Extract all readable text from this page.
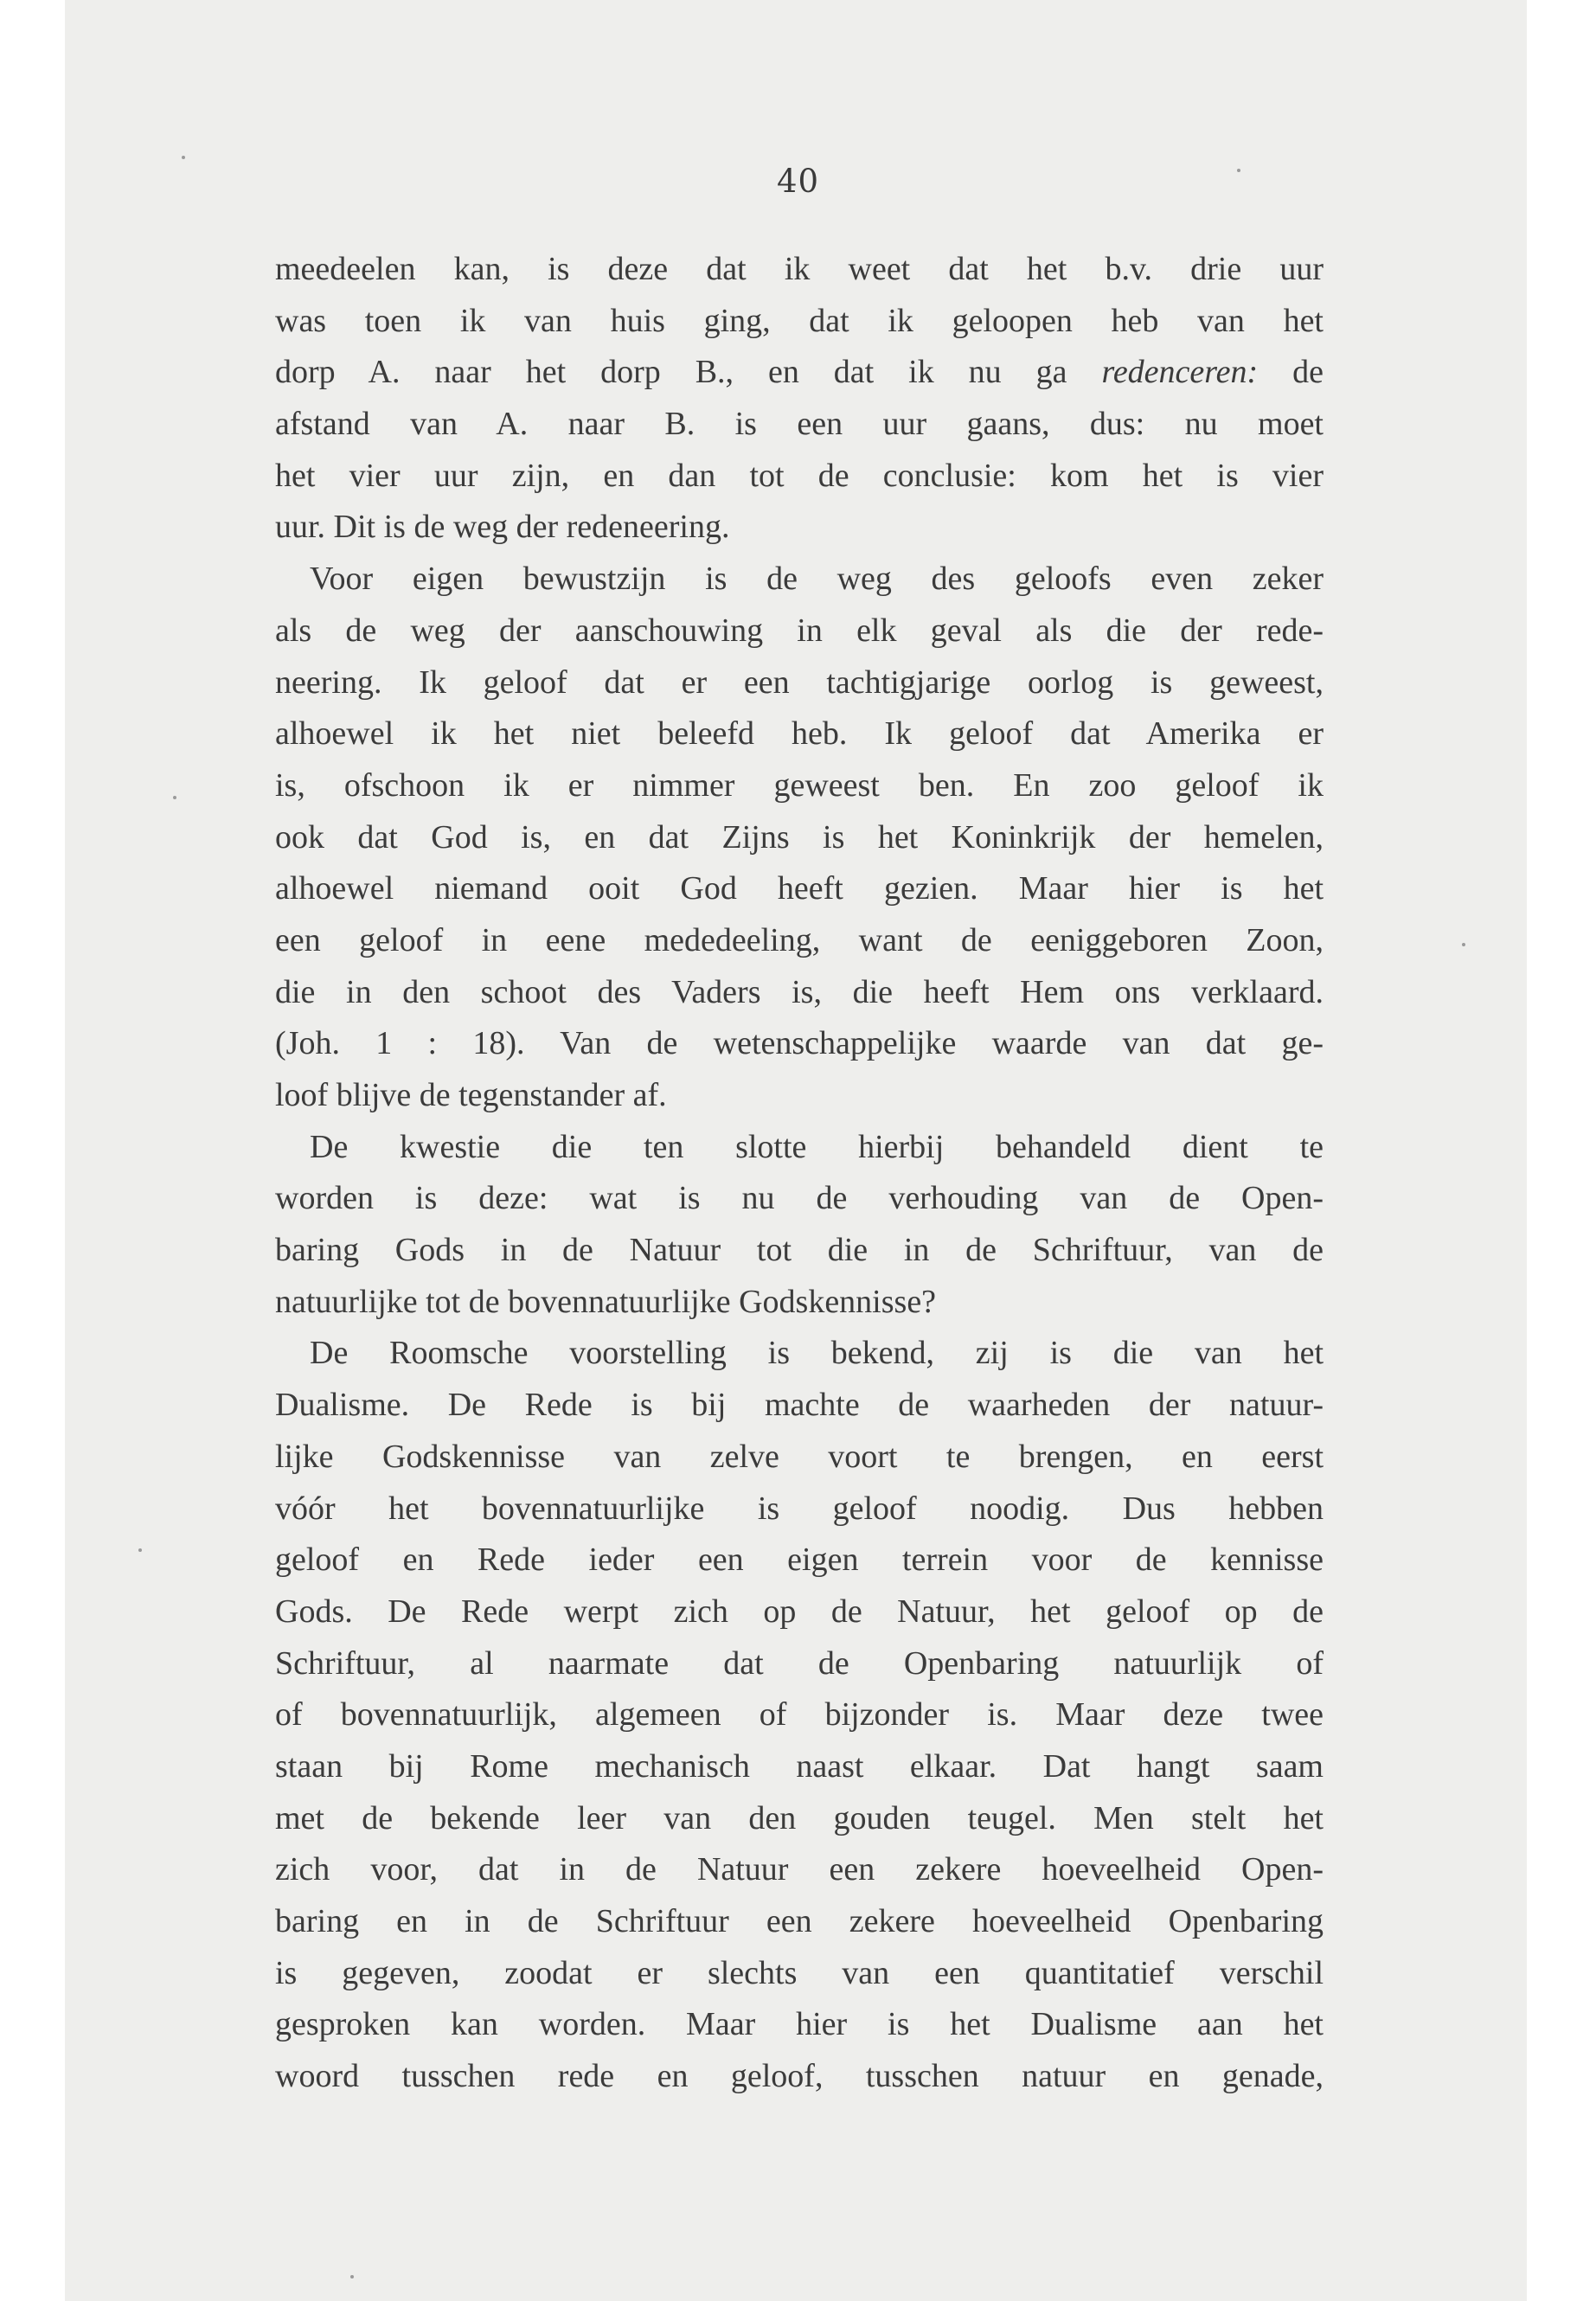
40
meedeelen kan, is deze dat ik weet dat het b.v. drie uur
was toen ik van huis ging, dat ik geloopen heb van het
dorp A. naar het dorp B., en dat ik nu ga redenceren: de
afstand van A. naar B. is een uur gaans, dus: nu moet
het vier uur zijn, en dan tot de conclusie: kom het is vier
uur. Dit is de weg der redeneering.
Voor eigen bewustzijn is de weg des geloofs even zeker
als de weg der aanschouwing in elk geval als die der rede-
neering. Ik geloof dat er een tachtigjarige oorlog is geweest,
alhoewel ik het niet beleefd heb. Ik geloof dat Amerika er
is, ofschoon ik er nimmer geweest ben. En zoo geloof ik
ook dat God is, en dat Zijns is het Koninkrijk der hemelen,
alhoewel niemand ooit God heeft gezien. Maar hier is het
een geloof in eene mededeeling, want de eeniggeboren Zoon,
die in den schoot des Vaders is, die heeft Hem ons verklaard.
(Joh. 1 : 18). Van de wetenschappelijke waarde van dat ge-
loof blijve de tegenstander af.
De kwestie die ten slotte hierbij behandeld dient te
worden is deze: wat is nu de verhouding van de Open-
baring Gods in de Natuur tot die in de Schriftuur, van de
natuurlijke tot de bovennatuurlijke Godskennisse?
De Roomsche voorstelling is bekend, zij is die van het
Dualisme. De Rede is bij machte de waarheden der natuur-
lijke Godskennisse van zelve voort te brengen, en eerst
vóór het bovennatuurlijke is geloof noodig. Dus hebben
geloof en Rede ieder een eigen terrein voor de kennisse
Gods. De Rede werpt zich op de Natuur, het geloof op de
Schriftuur, al naarmate dat de Openbaring natuurlijk of
of bovennatuurlijk, algemeen of bijzonder is. Maar deze twee
staan bij Rome mechanisch naast elkaar. Dat hangt saam
met de bekende leer van den gouden teugel. Men stelt het
zich voor, dat in de Natuur een zekere hoeveelheid Open-
baring en in de Schriftuur een zekere hoeveelheid Openbaring
is gegeven, zoodat er slechts van een quantitatief verschil
gesproken kan worden. Maar hier is het Dualisme aan het
woord tusschen rede en geloof, tusschen natuur en genade,
